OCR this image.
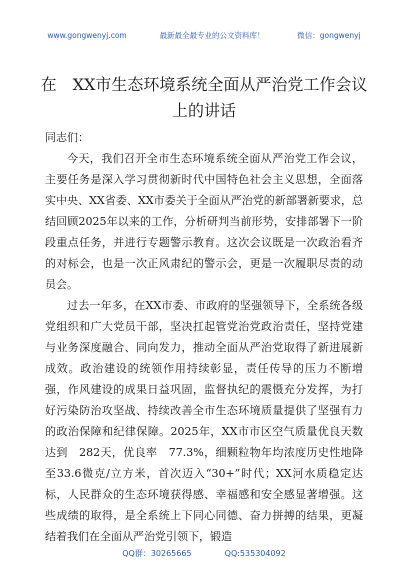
www.gongwenyj.com	最新最全最专业的公文资料库！	微信：gongwenyj
在　XX市生态环境系统全面从严治党工作会议上的讲话

同志们：

今天，我们召开全市生态环境系统全面从严治党工作会议，主要任务是深入学习贯彻新时代中国特色社会主义思想，全面落实中央、XX省委、XX市委关于全面从严治党的新部署新要求，总结回顾2025年以来的工作，分析研判当前形势，安排部署下一阶段重点任务，并进行专题警示教育。这次会议既是一次政治看齐的对标会，也是一次正风肃纪的警示会，更是一次履职尽责的动员会。

过去一年多，在XX市委、市政府的坚强领导下，全系统各级党组织和广大党员干部，坚决扛起管党治党政治责任，坚持党建与业务深度融合、同向发力，推动全面从严治党取得了新进展新成效。政治建设的统领作用持续彰显，责任传导的压力不断增强，作风建设的成果日益巩固，监督执纪的震慑充分发挥，为打好污染防治攻坚战、持续改善全市生态环境质量提供了坚强有力的政治保障和纪律保障。2025年，XX市市区空气质量优良天数达到　282天，优良率　77.3%，细颗粒物年均浓度历史性地降至33.6微克/立方米，首次迈入“30+”时代；XX河水质稳定达标，人民群众的生态环境获得感、幸福感和安全感显著增强。这些成绩的取得，是全系统上下同心同德、奋力拼搏的结果，更凝结着我们在全面从严治党引领下，锻造

QQ群：30265665	QQ:535304092
